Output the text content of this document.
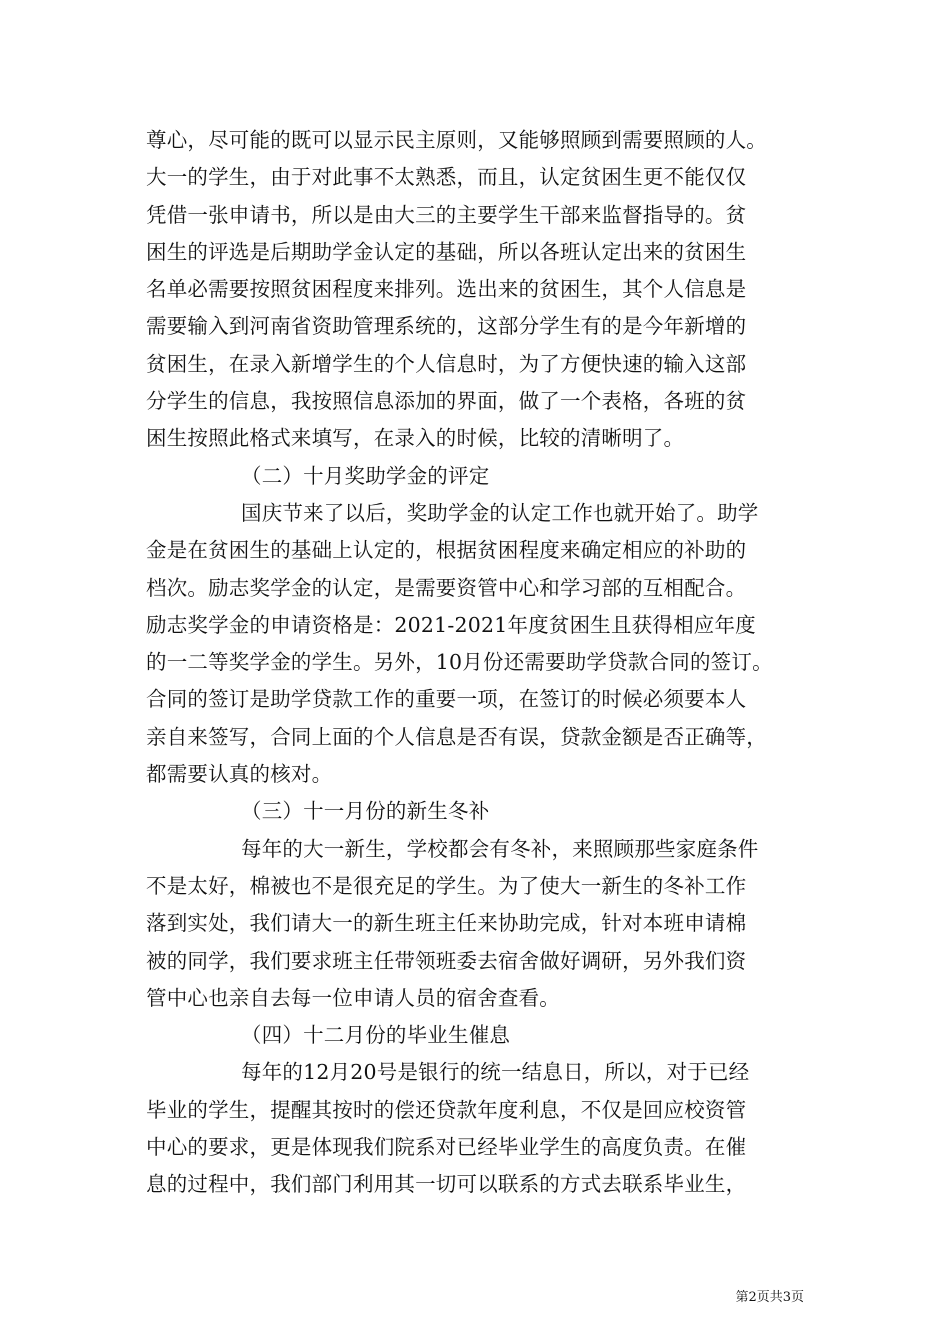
尊心，尽可能的既可以显示民主原则，又能够照顾到需要照顾的人。
大一的学生，由于对此事不太熟悉，而且，认定贫困生更不能仅仅
凭借一张申请书，所以是由大三的主要学生干部来监督指导的。贫
困生的评选是后期助学金认定的基础，所以各班认定出来的贫困生
名单必需要按照贫困程度来排列。选出来的贫困生，其个人信息是
需要输入到河南省资助管理系统的，这部分学生有的是今年新增的
贫困生，在录入新增学生的个人信息时，为了方便快速的输入这部
分学生的信息，我按照信息添加的界面，做了一个表格，各班的贫
困生按照此格式来填写，在录入的时候，比较的清晰明了。
（二）十月奖助学金的评定
国庆节来了以后，奖助学金的认定工作也就开始了。助学
金是在贫困生的基础上认定的，根据贫困程度来确定相应的补助的
档次。励志奖学金的认定，是需要资管中心和学习部的互相配合。
励志奖学金的申请资格是：2021-2021年度贫困生且获得相应年度
的一二等奖学金的学生。另外，10月份还需要助学贷款合同的签订。
合同的签订是助学贷款工作的重要一项，在签订的时候必须要本人
亲自来签写，合同上面的个人信息是否有误，贷款金额是否正确等，
都需要认真的核对。
（三）十一月份的新生冬补
每年的大一新生，学校都会有冬补，来照顾那些家庭条件
不是太好，棉被也不是很充足的学生。为了使大一新生的冬补工作
落到实处，我们请大一的新生班主任来协助完成，针对本班申请棉
被的同学，我们要求班主任带领班委去宿舍做好调研，另外我们资
管中心也亲自去每一位申请人员的宿舍查看。
（四）十二月份的毕业生催息
每年的12月20号是银行的统一结息日，所以，对于已经
毕业的学生，提醒其按时的偿还贷款年度利息，不仅是回应校资管
中心的要求，更是体现我们院系对已经毕业学生的高度负责。在催
息的过程中，我们部门利用其一切可以联系的方式去联系毕业生，
第2页共3页
